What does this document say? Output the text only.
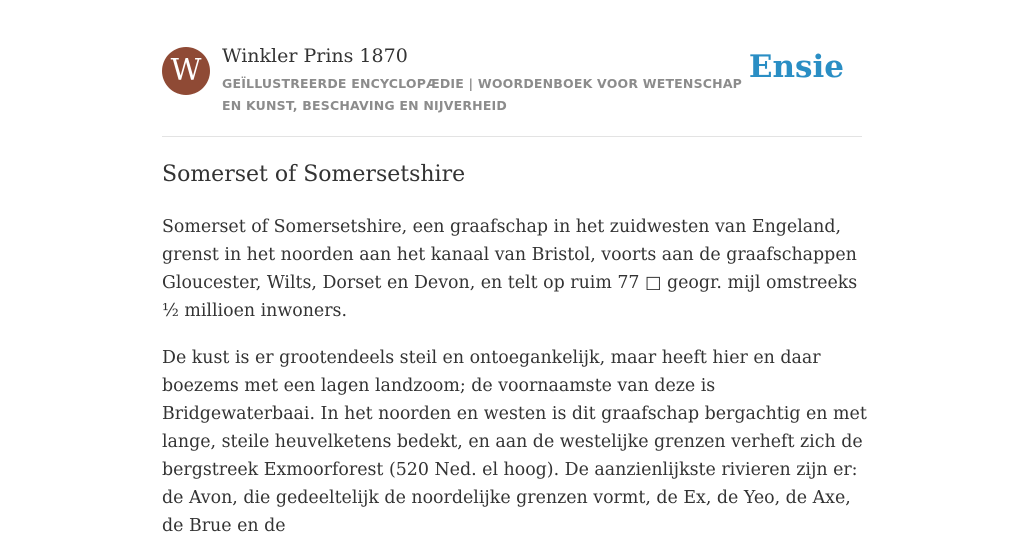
W	Winkler Prins 1870
GEÏLLUSTREERDE ENCYCLOPÆDIE | WOORDENBOEK VOOR WETENSCHAP EN KUNST, BESCHAVING EN NIJVERHEID
Ensie
Somerset of Somersetshire

Somerset of Somersetshire, een graafschap in het zuidwesten van Engeland, grenst in het noorden aan het kanaal van Bristol, voorts aan de graafschappen Gloucester, Wilts, Dorset en Devon, en telt op ruim 77 □ geogr. mijl omstreeks ½ millioen inwoners.

De kust is er grootendeels steil en ontoegankelijk, maar heeft hier en daar boezems met een lagen landzoom; de voornaamste van deze is Bridgewaterbaai. In het noorden en westen is dit graafschap bergachtig en met lange, steile heuvelketens bedekt, en aan de westelijke grenzen verheft zich de bergstreek Exmoorforest (520 Ned. el hoog). De aanzienlijkste rivieren zijn er: de Avon, die gedeeltelijk de noordelijke grenzen vormt, de Ex, de Yeo, de Axe, de Brue en de
